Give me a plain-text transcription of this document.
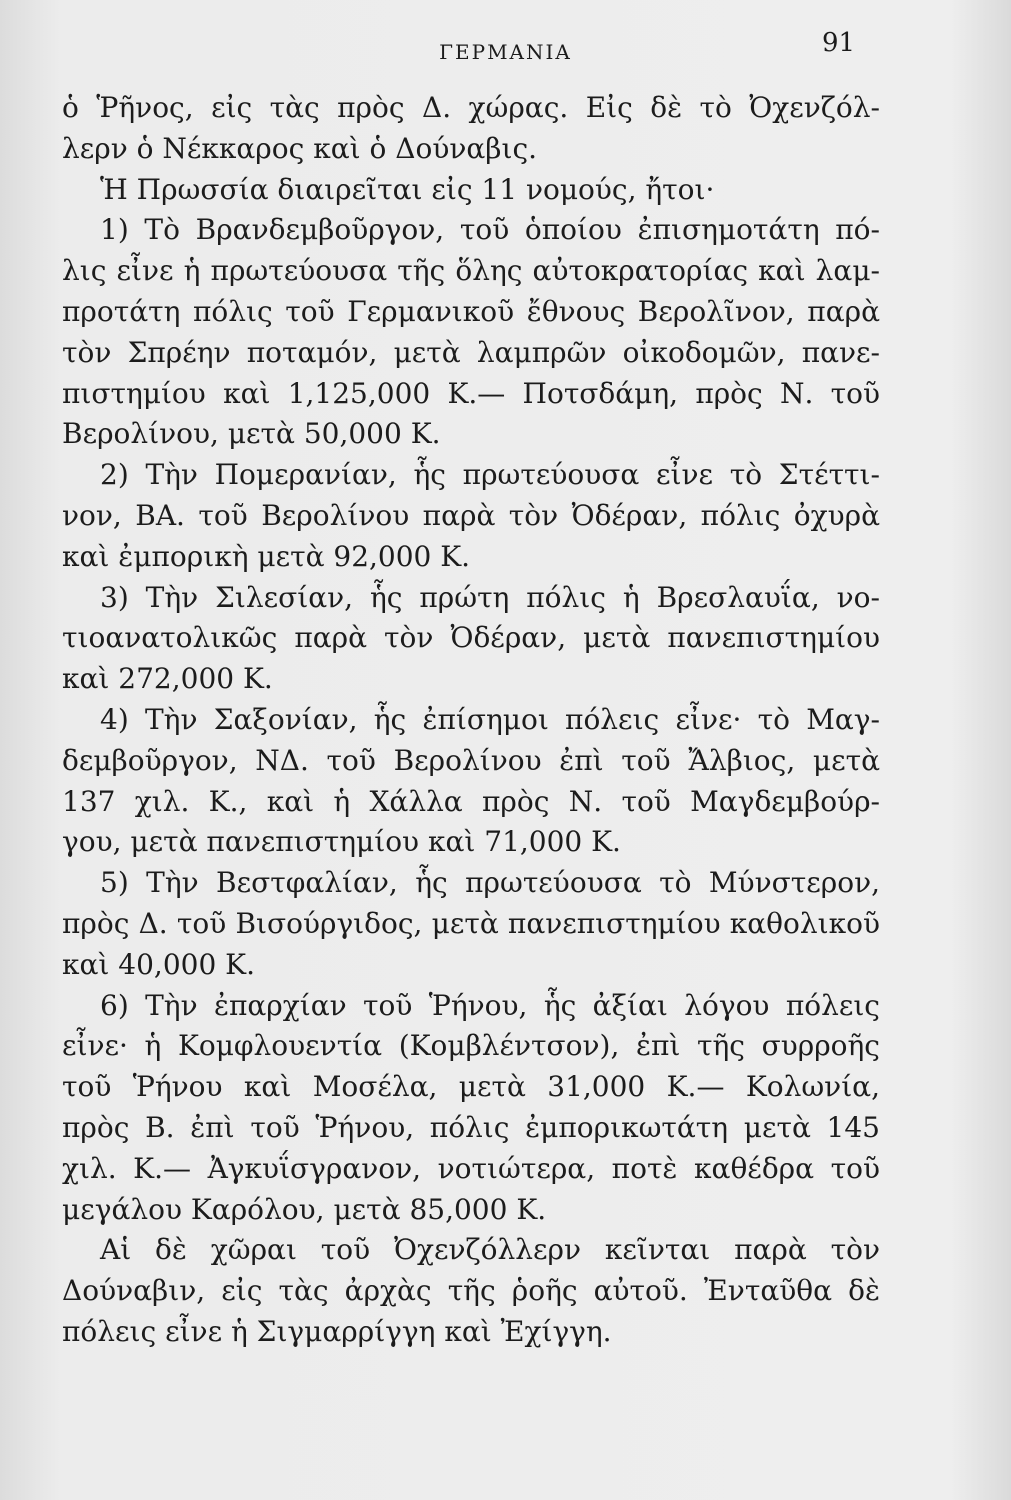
ΓΕΡΜΑΝΙΑ	91
ὁ Ῥῆνος, εἰς τὰς πρὸς Δ. χώρας. Εἰς δὲ τὸ Ὀχενζόλ-
λερν ὁ Νέκκαρος καὶ ὁ Δούναβις.
Ἡ Πρωσσία διαιρεῖται εἰς 11 νομούς, ἤτοι·
1) Τὸ Βρανδεμβοῦργον, τοῦ ὁποίου ἐπισημοτάτη πό-
λις εἶνε ἡ πρωτεύουσα τῆς ὅλης αὐτοκρατορίας καὶ λαμ-
προτάτη πόλις τοῦ Γερμανικοῦ ἔθνους Βερολῖνον, παρὰ
τὸν Σπρέην ποταμόν, μετὰ λαμπρῶν οἰκοδομῶν, πανε-
πιστημίου καὶ 1,125,000 Κ.— Ποτσδάμη, πρὸς Ν. τοῦ
Βερολίνου, μετὰ 50,000 Κ.
2) Τὴν Πομερανίαν, ἧς πρωτεύουσα εἶνε τὸ Στέττι-
νον, ΒΑ. τοῦ Βερολίνου παρὰ τὸν Ὀδέραν, πόλις ὀχυρὰ
καὶ ἐμπορικὴ μετὰ 92,000 Κ.
3) Τὴν Σιλεσίαν, ἧς πρώτη πόλις ἡ Βρεσλαυΐα, νο-
τιοανατολικῶς παρὰ τὸν Ὀδέραν, μετὰ πανεπιστημίου
καὶ 272,000 Κ.
4) Τὴν Σαξονίαν, ἧς ἐπίσημοι πόλεις εἶνε· τὸ Μαγ-
δεμβοῦργον, ΝΔ. τοῦ Βερολίνου ἐπὶ τοῦ Ἄλβιος, μετὰ
137 χιλ. Κ., καὶ ἡ Χάλλα πρὸς Ν. τοῦ Μαγδεμβούρ-
γου, μετὰ πανεπιστημίου καὶ 71,000 Κ.
5) Τὴν Βεστφαλίαν, ἧς πρωτεύουσα τὸ Μύνστερον,
πρὸς Δ. τοῦ Βισούργιδος, μετὰ πανεπιστημίου καθολικοῦ
καὶ 40,000 Κ.
6) Τὴν ἐπαρχίαν τοῦ Ῥήνου, ἧς ἀξίαι λόγου πόλεις
εἶνε· ἡ Κομφλουεντία (Κομβλέντσον), ἐπὶ τῆς συρροῆς
τοῦ Ῥήνου καὶ Μοσέλα, μετὰ 31,000 Κ.— Κολωνία,
πρὸς Β. ἐπὶ τοῦ Ῥήνου, πόλις ἐμπορικωτάτη μετὰ 145
χιλ. Κ.— Ἀγκυΐσγρανον, νοτιώτερα, ποτὲ καθέδρα τοῦ
μεγάλου Καρόλου, μετὰ 85,000 Κ.
Αἱ δὲ χῶραι τοῦ Ὀχενζόλλερν κεῖνται παρὰ τὸν
Δούναβιν, εἰς τὰς ἀρχὰς τῆς ῥοῆς αὐτοῦ. Ἐνταῦθα δὲ
πόλεις εἶνε ἡ Σιγμαρρίγγη καὶ Ἐχίγγη.
